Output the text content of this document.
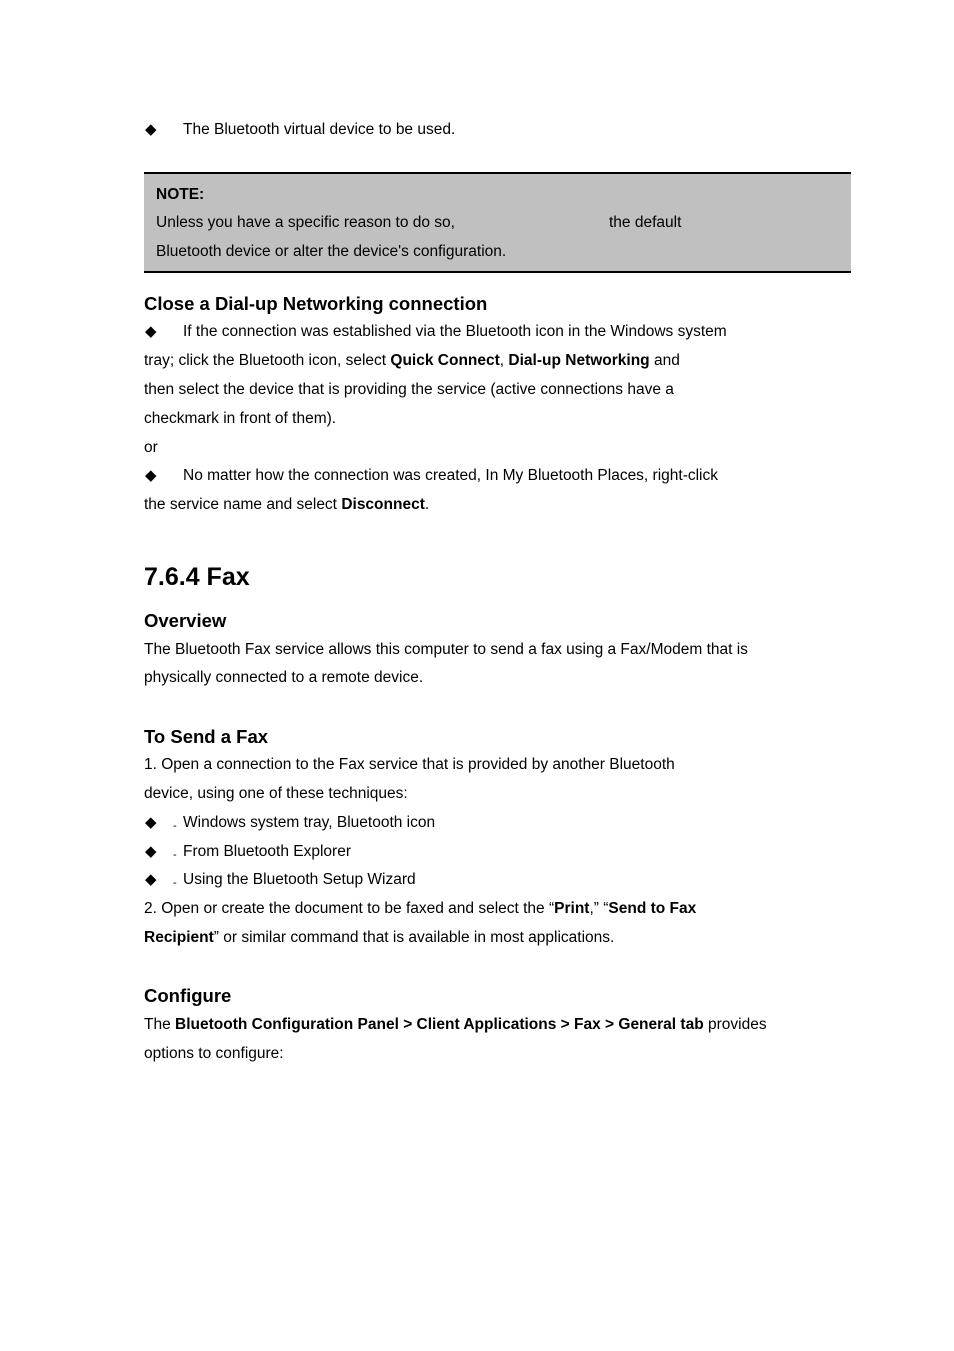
◆ The Bluetooth virtual device to be used.
NOTE:
Unless you have a specific reason to do so,	the default
Bluetooth device or alter the device's configuration.
Close a Dial-up Networking connection
◆ If the connection was established via the Bluetooth icon in the Windows system
tray; click the Bluetooth icon, select Quick Connect, Dial-up Networking and
then select the device that is providing the service (active connections have a
checkmark in front of them).
or
◆ No matter how the connection was created, In My Bluetooth Places, right-click
the service name and select Disconnect.
7.6.4 Fax
Overview
The Bluetooth Fax service allows this computer to send a fax using a Fax/Modem that is
physically connected to a remote device.
To Send a Fax
1. Open a connection to the Fax service that is provided by another Bluetooth
device, using one of these techniques:
◆ - Windows system tray, Bluetooth icon
◆ - From Bluetooth Explorer
◆ - Using the Bluetooth Setup Wizard
2. Open or create the document to be faxed and select the “Print,” “Send to Fax
Recipient” or similar command that is available in most applications.
Configure
The Bluetooth Configuration Panel > Client Applications > Fax > General tab provides
options to configure:
